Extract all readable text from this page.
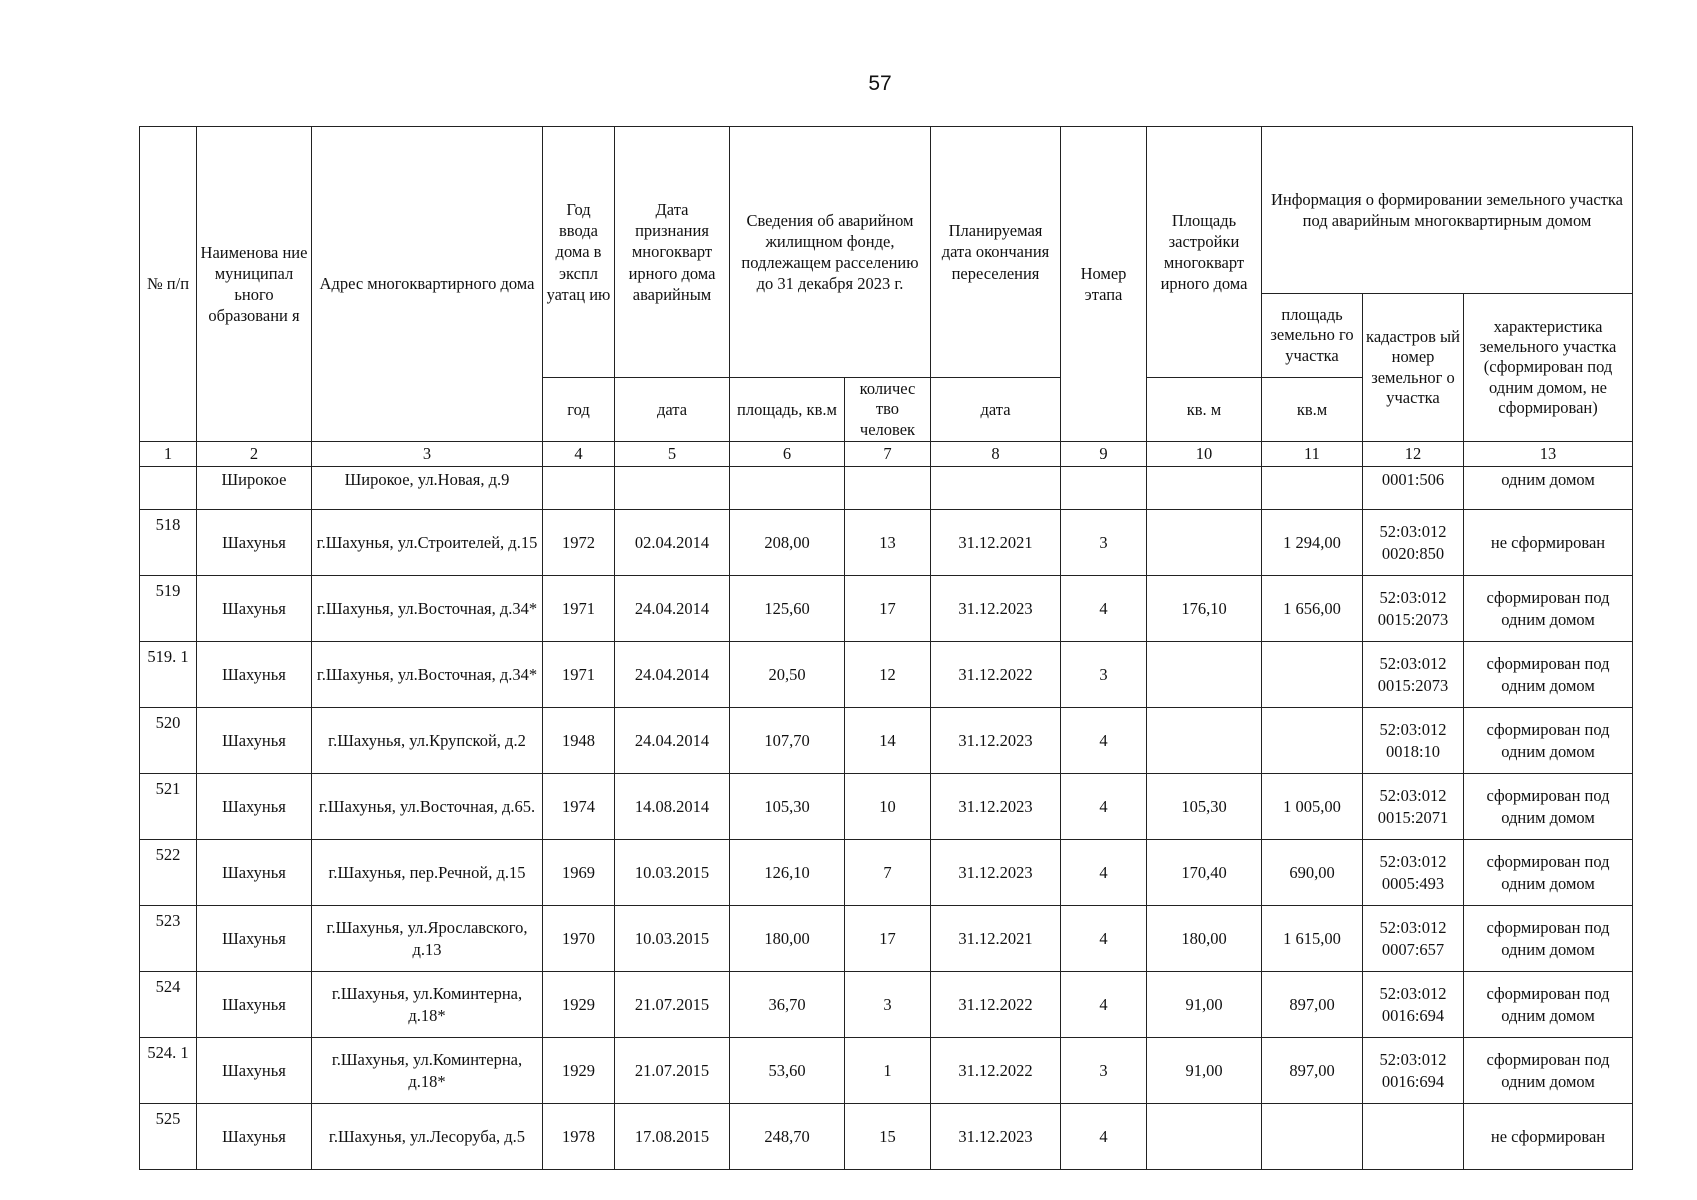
57
№ п/п	Наименова ние муниципал ьного образовани я	Адрес многоквартирного дома	Год ввода дома в экспл уатац ию	Дата признания многокварт ирного дома аварийным	Сведения об аварийном жилищном фонде, подлежащем расселению до 31 декабря 2023 г.		Планируемая дата окончания переселения	Номер этапа	Площадь застройки многокварт ирного дома	Информация о формировании земельного участка под аварийным многоквартирным домом		
										площадь земельно го участка	кадастров ый номер земельног о участка	характеристика земельного участка (сформирован под одним домом, не сформирован)
			год	дата	площадь, кв.м	количес тво человек	дата		кв. м	кв.м		
1	2	3	4	5	6	7	8	9	10	11	12	13
	Широкое	Широкое, ул.Новая, д.9									0001:506	одним домом
518	Шахунья	г.Шахунья, ул.Строителей, д.15	1972	02.04.2014	208,00	13	31.12.2021	3		1 294,00	52:03:012 0020:850	не сформирован
519	Шахунья	г.Шахунья, ул.Восточная, д.34*	1971	24.04.2014	125,60	17	31.12.2023	4	176,10	1 656,00	52:03:012 0015:2073	сформирован под одним домом
519. 1	Шахунья	г.Шахунья, ул.Восточная, д.34*	1971	24.04.2014	20,50	12	31.12.2022	3			52:03:012 0015:2073	сформирован под одним домом
520	Шахунья	г.Шахунья, ул.Крупской, д.2	1948	24.04.2014	107,70	14	31.12.2023	4			52:03:012 0018:10	сформирован под одним домом
521	Шахунья	г.Шахунья, ул.Восточная, д.65.	1974	14.08.2014	105,30	10	31.12.2023	4	105,30	1 005,00	52:03:012 0015:2071	сформирован под одним домом
522	Шахунья	г.Шахунья, пер.Речной, д.15	1969	10.03.2015	126,10	7	31.12.2023	4	170,40	690,00	52:03:012 0005:493	сформирован под одним домом
523	Шахунья	г.Шахунья, ул.Ярославского, д.13	1970	10.03.2015	180,00	17	31.12.2021	4	180,00	1 615,00	52:03:012 0007:657	сформирован под одним домом
524	Шахунья	г.Шахунья, ул.Коминтерна, д.18*	1929	21.07.2015	36,70	3	31.12.2022	4	91,00	897,00	52:03:012 0016:694	сформирован под одним домом
524. 1	Шахунья	г.Шахунья, ул.Коминтерна, д.18*	1929	21.07.2015	53,60	1	31.12.2022	3	91,00	897,00	52:03:012 0016:694	сформирован под одним домом
525	Шахунья	г.Шахунья, ул.Лесоруба, д.5	1978	17.08.2015	248,70	15	31.12.2023	4				не сформирован
